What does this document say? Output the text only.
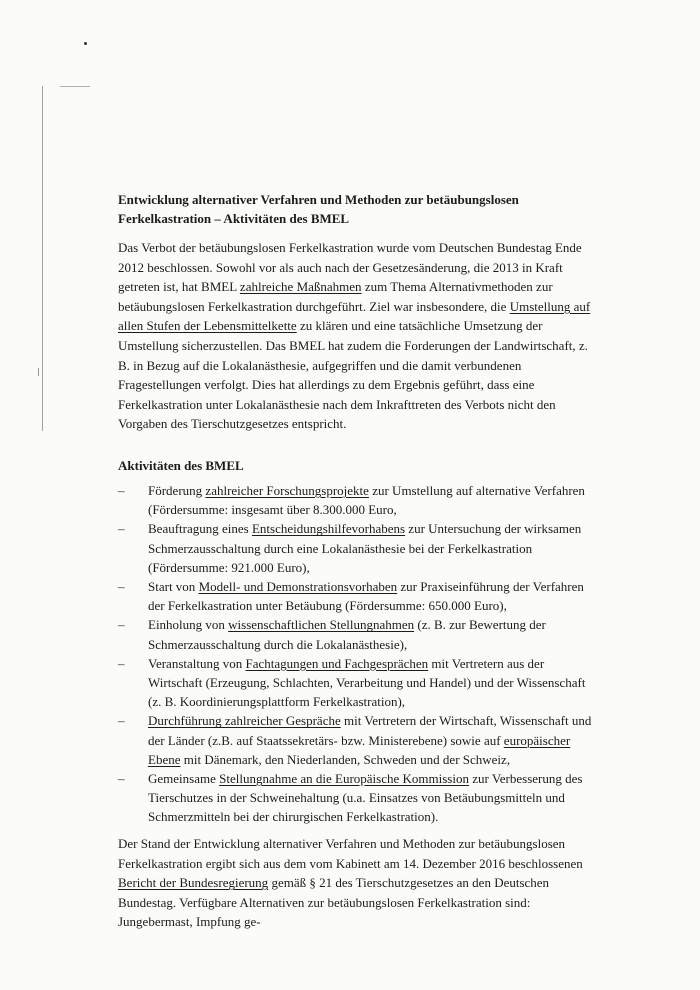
Entwicklung alternativer Verfahren und Methoden zur betäubungslosen Ferkelkastration – Aktivitäten des BMEL

Das Verbot der betäubungslosen Ferkelkastration wurde vom Deutschen Bundestag Ende 2012 beschlossen. Sowohl vor als auch nach der Gesetzesänderung, die 2013 in Kraft getreten ist, hat BMEL zahlreiche Maßnahmen zum Thema Alternativmethoden zur betäubungslosen Ferkelkastration durchgeführt. Ziel war insbesondere, die Umstellung auf allen Stufen der Lebensmittelkette zu klären und eine tatsächliche Umsetzung der Umstellung sicherzustellen. Das BMEL hat zudem die Forderungen der Landwirtschaft, z. B. in Bezug auf die Lokalanästhesie, aufgegriffen und die damit verbundenen Fragestellungen verfolgt. Dies hat allerdings zu dem Ergebnis geführt, dass eine Ferkelkastration unter Lokalanästhesie nach dem Inkrafttreten des Verbots nicht den Vorgaben des Tierschutzgesetzes entspricht.

Aktivitäten des BMEL
– Förderung zahlreicher Forschungsprojekte zur Umstellung auf alternative Verfahren (Fördersumme: insgesamt über 8.300.000 Euro,
– Beauftragung eines Entscheidungshilfevorhabens zur Untersuchung der wirksamen Schmerzausschaltung durch eine Lokalanästhesie bei der Ferkelkastration (Fördersumme: 921.000 Euro),
– Start von Modell- und Demonstrationsvorhaben zur Praxiseinführung der Verfahren der Ferkelkastration unter Betäubung (Fördersumme: 650.000 Euro),
– Einholung von wissenschaftlichen Stellungnahmen (z. B. zur Bewertung der Schmerzausschaltung durch die Lokalanästhesie),
– Veranstaltung von Fachtagungen und Fachgesprächen mit Vertretern aus der Wirtschaft (Erzeugung, Schlachten, Verarbeitung und Handel) und der Wissenschaft (z. B. Koordinierungsplattform Ferkelkastration),
– Durchführung zahlreicher Gespräche mit Vertretern der Wirtschaft, Wissenschaft und der Länder (z.B. auf Staatssekretärs- bzw. Ministerebene) sowie auf europäischer Ebene mit Dänemark, den Niederlanden, Schweden und der Schweiz,
– Gemeinsame Stellungnahme an die Europäische Kommission zur Verbesserung des Tierschutzes in der Schweinehaltung (u.a. Einsatzes von Betäubungsmitteln und Schmerzmitteln bei der chirurgischen Ferkelkastration).

Der Stand der Entwicklung alternativer Verfahren und Methoden zur betäubungslosen Ferkelkastration ergibt sich aus dem vom Kabinett am 14. Dezember 2016 beschlossenen Bericht der Bundesregierung gemäß § 21 des Tierschutzgesetzes an den Deutschen Bundestag. Verfügbare Alternativen zur betäubungslosen Ferkelkastration sind: Jungebermast, Impfung ge-
